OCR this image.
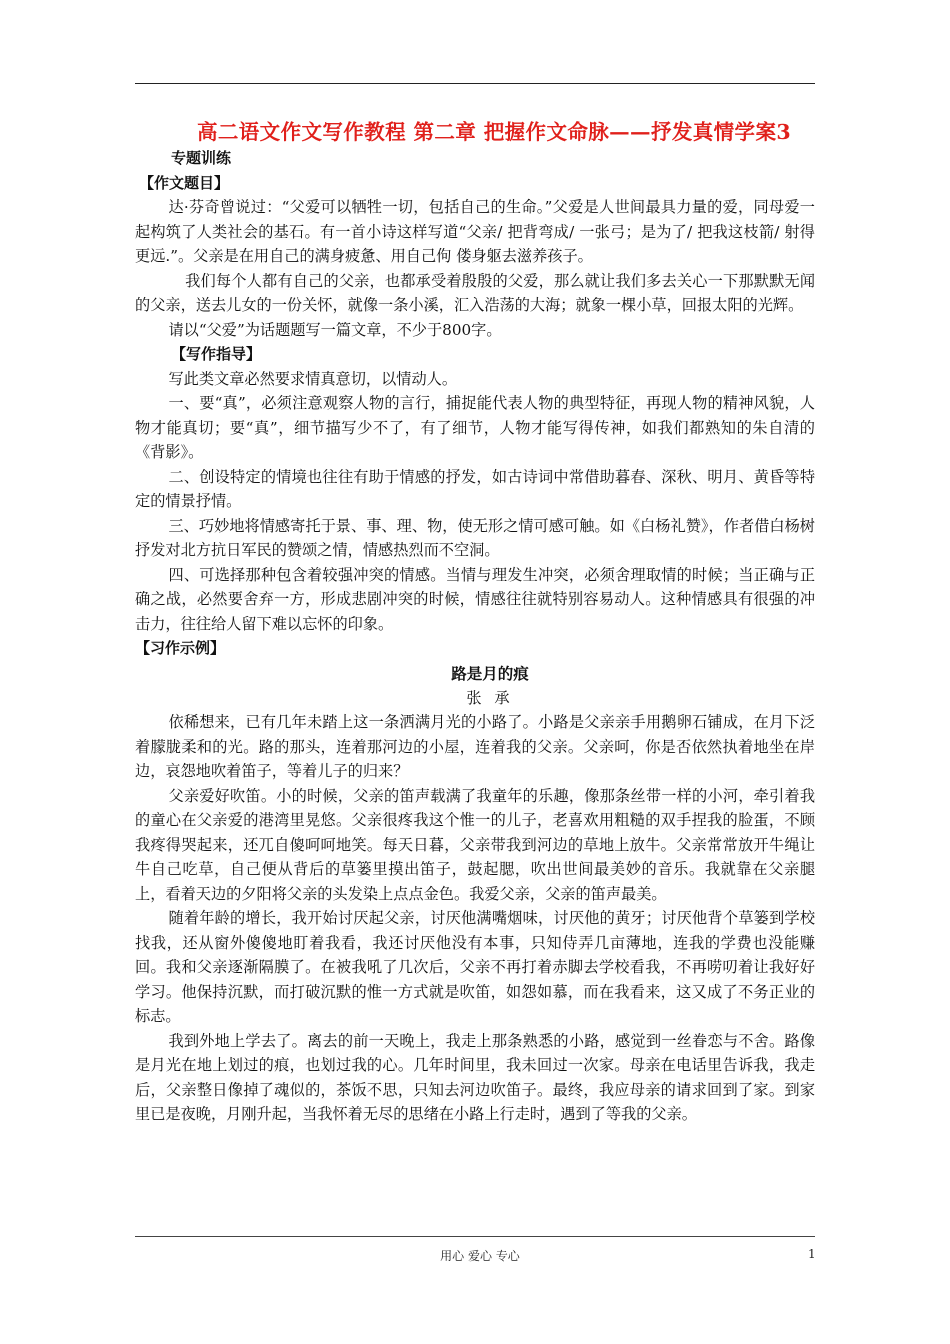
高二语文作文写作教程 第二章 把握作文命脉——抒发真情学案3
专题训练
【作文题目】

达·芬奇曾说过：“父爱可以牺牲一切，包括自己的生命。”父爱是人世间最具力量的爱，同母爱一起构筑了人类社会的基石。有一首小诗这样写道“父亲/ 把背弯成/ 一张弓；是为了/ 把我这枝箭/ 射得更远.”。父亲是在用自己的满身疲惫、用自己佝 偻身躯去滋养孩子。

我们每个人都有自己的父亲，也都承受着殷殷的父爱，那么就让我们多去关心一下那默默无闻的父亲，送去儿女的一份关怀，就像一条小溪，汇入浩荡的大海；就象一棵小草，回报太阳的光辉。

请以“父爱”为话题题写一篇文章，不少于800字。

【写作指导】

写此类文章必然要求情真意切，以情动人。

一、要“真”，必须注意观察人物的言行，捕捉能代表人物的典型特征，再现人物的精神风貌，人物才能真切；要“真”，细节描写少不了，有了细节，人物才能写得传神，如我们都熟知的朱自清的《背影》。

二、创设特定的情境也往往有助于情感的抒发，如古诗词中常借助暮春、深秋、明月、黄昏等特定的情景抒情。

三、巧妙地将情感寄托于景、事、理、物，使无形之情可感可触。如《白杨礼赞》，作者借白杨树抒发对北方抗日军民的赞颂之情，情感热烈而不空洞。

四、可选择那种包含着较强冲突的情感。当情与理发生冲突，必须舍理取情的时候；当正确与正确之战，必然要舍弃一方，形成悲剧冲突的时候，情感往往就特别容易动人。这种情感具有很强的冲击力，往往给人留下难以忘怀的印象。

【习作示例】
路是月的痕
张 承

依稀想来，已有几年未踏上这一条洒满月光的小路了。小路是父亲亲手用鹅卵石铺成，在月下泛着朦胧柔和的光。路的那头，连着那河边的小屋，连着我的父亲。父亲呵，你是否依然执着地坐在岸边，哀怨地吹着笛子，等着儿子的归来？

父亲爱好吹笛。小的时候，父亲的笛声载满了我童年的乐趣，像那条丝带一样的小河，牵引着我的童心在父亲爱的港湾里晃悠。父亲很疼我这个惟一的儿子，老喜欢用粗糙的双手捏我的脸蛋，不顾我疼得哭起来，还兀自傻呵呵地笑。每天日暮，父亲带我到河边的草地上放牛。父亲常常放开牛绳让牛自己吃草，自己便从背后的草篓里摸出笛子，鼓起腮，吹出世间最美妙的音乐。我就靠在父亲腿上，看着天边的夕阳将父亲的头发染上点点金色。我爱父亲，父亲的笛声最美。

随着年龄的增长，我开始讨厌起父亲，讨厌他满嘴烟味，讨厌他的黄牙；讨厌他背个草篓到学校找我，还从窗外傻傻地盯着我看，我还讨厌他没有本事，只知侍弄几亩薄地，连我的学费也没能赚回。我和父亲逐渐隔膜了。在被我吼了几次后，父亲不再打着赤脚去学校看我，不再唠叨着让我好好学习。他保持沉默，而打破沉默的惟一方式就是吹笛，如怨如慕，而在我看来，这又成了不务正业的标志。

我到外地上学去了。离去的前一天晚上，我走上那条熟悉的小路，感觉到一丝眷恋与不舍。路像是月光在地上划过的痕，也划过我的心。几年时间里，我未回过一次家。母亲在电话里告诉我，我走后，父亲整日像掉了魂似的，茶饭不思，只知去河边吹笛子。最终，我应母亲的请求回到了家。到家里已是夜晚，月刚升起，当我怀着无尽的思绪在小路上行走时，遇到了等我的父亲。

用心 爱心 专心	1
